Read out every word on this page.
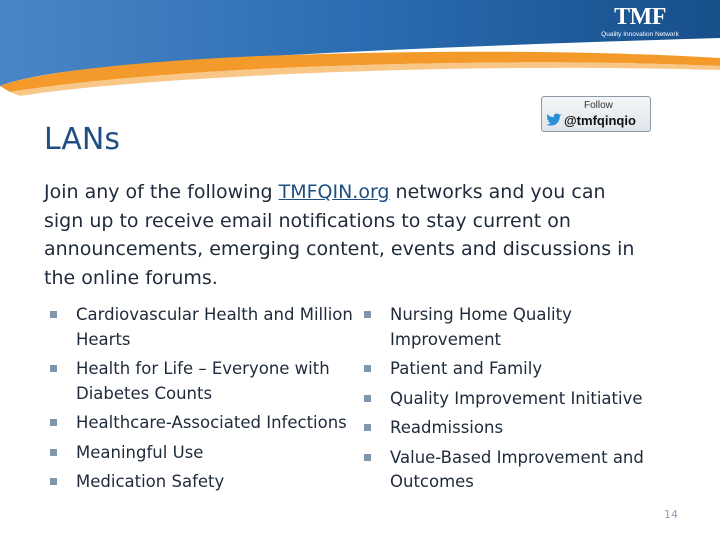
TMF
Quality Innovation Network
Follow
@tmfqinqio
LANs
Join any of the following TMFQIN.org networks and you can sign up to receive email notifications to stay current on announcements, emerging content, events and discussions in the online forums.
Cardiovascular Health and Million Hearts
Health for Life – Everyone with Diabetes Counts
Healthcare-Associated Infections
Meaningful Use
Medication Safety
Nursing Home Quality Improvement
Patient and Family
Quality Improvement Initiative
Readmissions
Value-Based Improvement and Outcomes
14
